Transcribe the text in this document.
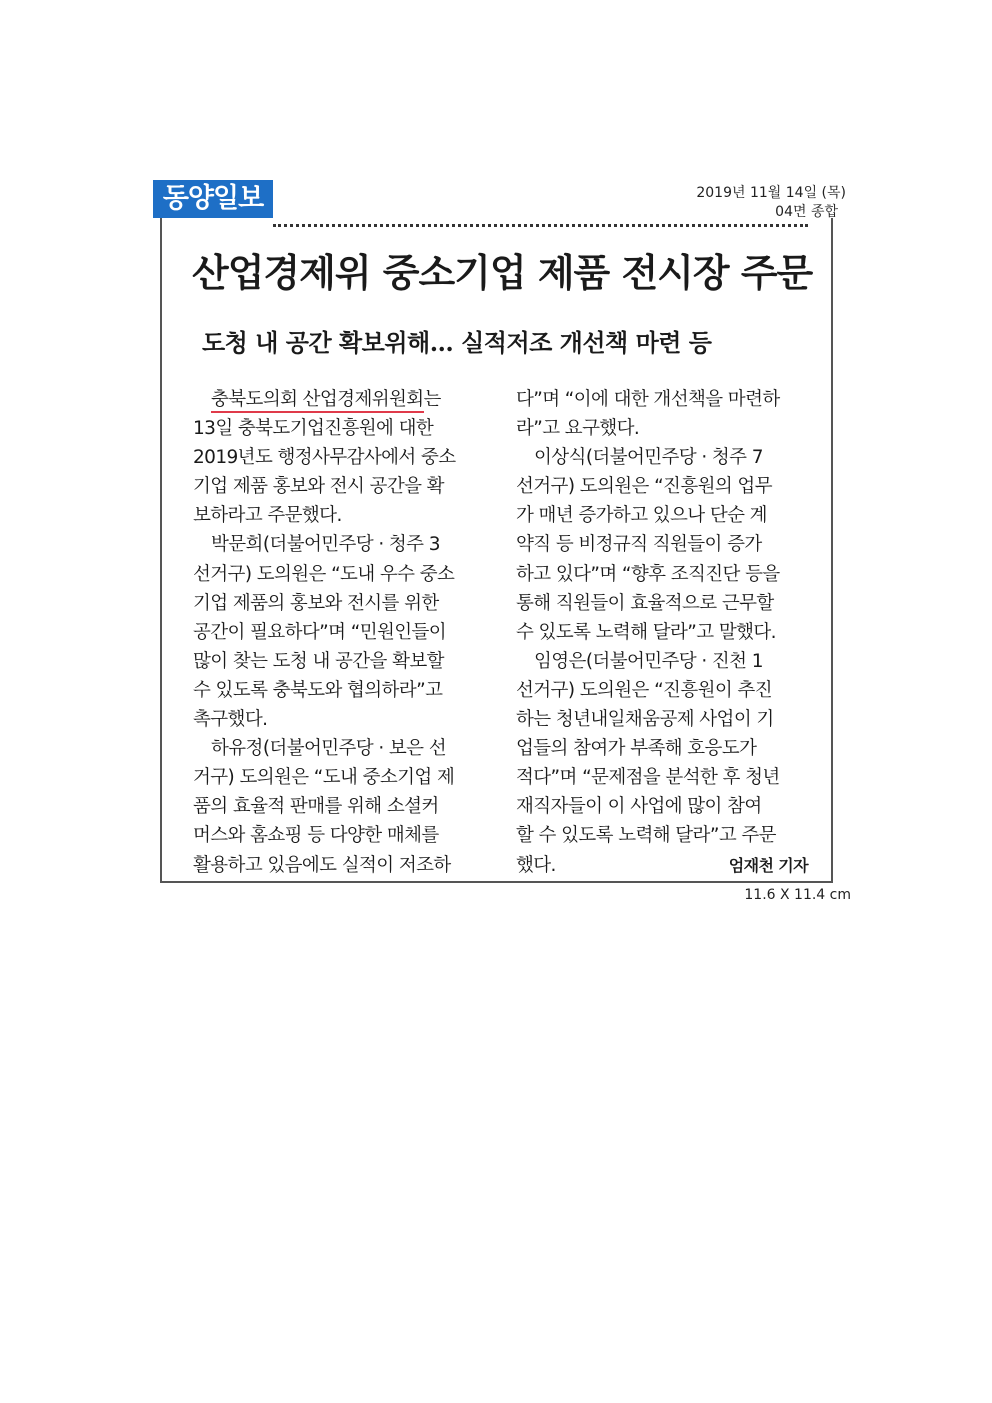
동양일보	2019년 11월 14일 (목)
04면 종합
산업경제위 중소기업 제품 전시장 주문
도청 내 공간 확보위해… 실적저조 개선책 마련 등

충북도의회 산업경제위원회는

13일 충북도기업진흥원에 대한

2019년도 행정사무감사에서 중소

기업 제품 홍보와 전시 공간을 확

보하라고 주문했다.

박문희(더불어민주당 · 청주 3

선거구) 도의원은 “도내 우수 중소

기업 제품의 홍보와 전시를 위한

공간이 필요하다”며 “민원인들이

많이 찾는 도청 내 공간을 확보할

수 있도록 충북도와 협의하라”고

촉구했다.

하유정(더불어민주당 · 보은 선

거구) 도의원은 “도내 중소기업 제

품의 효율적 판매를 위해 소셜커

머스와 홈쇼핑 등 다양한 매체를

활용하고 있음에도 실적이 저조하

다”며 “이에 대한 개선책을 마련하

라”고 요구했다.

이상식(더불어민주당 · 청주 7

선거구) 도의원은 “진흥원의 업무

가 매년 증가하고 있으나 단순 계

약직 등 비정규직 직원들이 증가

하고 있다”며 “향후 조직진단 등을

통해 직원들이 효율적으로 근무할

수 있도록 노력해 달라”고 말했다.

임영은(더불어민주당 · 진천 1

선거구) 도의원은 “진흥원이 추진

하는 청년내일채움공제 사업이 기

업들의 참여가 부족해 호응도가

적다”며 “문제점을 분석한 후 청년

재직자들이 이 사업에 많이 참여

할 수 있도록 노력해 달라”고 주문

했다.	엄재천 기자

11.6 X 11.4 cm
